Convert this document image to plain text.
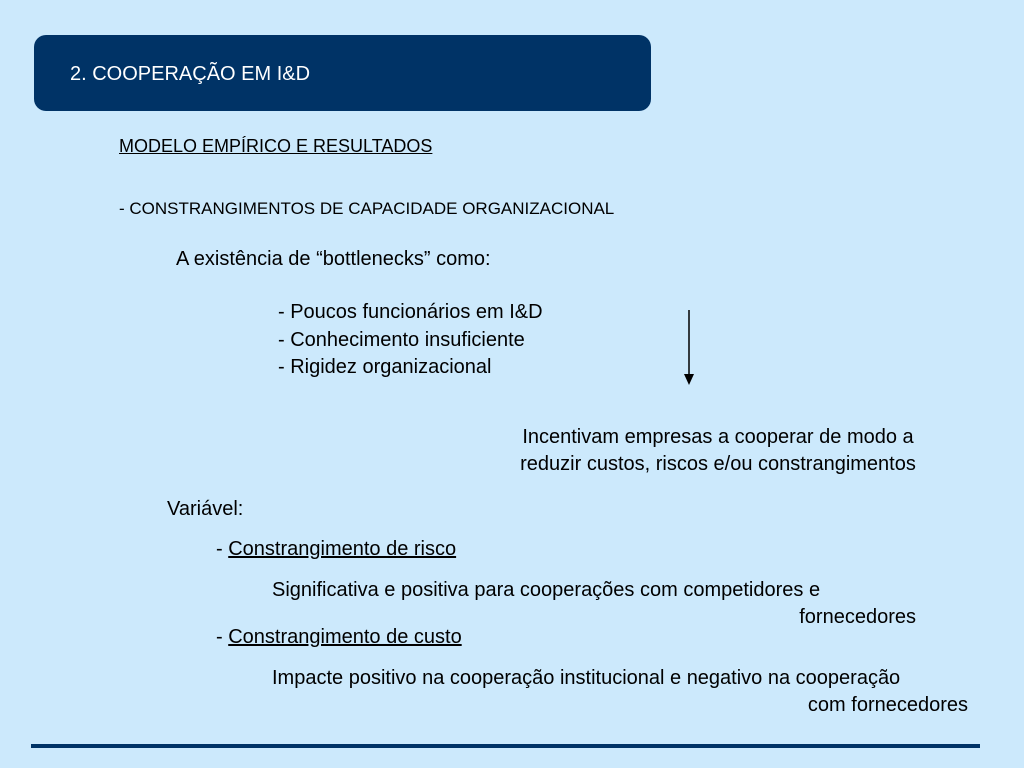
2. COOPERAÇÃO EM I&D
MODELO EMPÍRICO E RESULTADOS
- CONSTRANGIMENTOS DE CAPACIDADE ORGANIZACIONAL
A existência de “bottlenecks” como:
- Poucos funcionários em I&D
- Conhecimento insuficiente
- Rigidez organizacional
Incentivam empresas a cooperar de modo a
reduzir custos, riscos e/ou constrangimentos
Variável:
- Constrangimento de risco
Significativa e positiva para cooperações com competidores e
fornecedores
- Constrangimento de custo
Impacte positivo na cooperação institucional e negativo na cooperação
com fornecedores
